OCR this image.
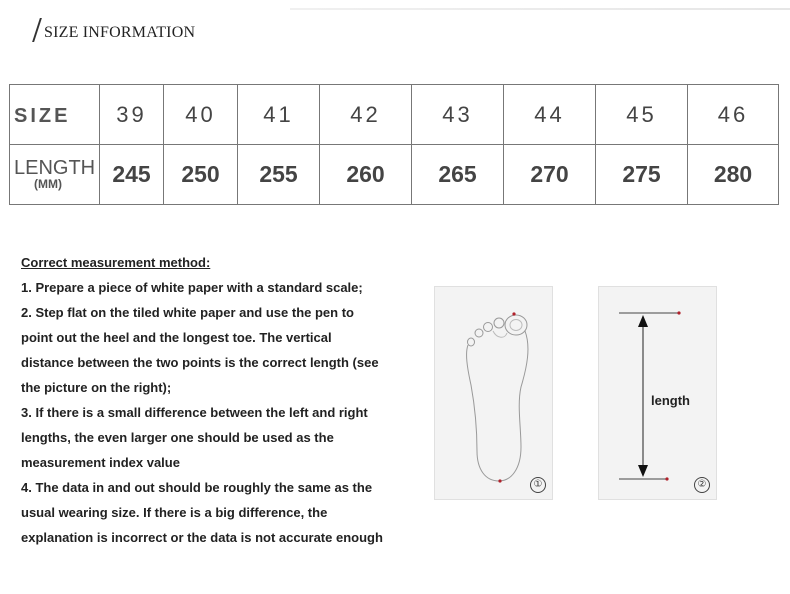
SIZE INFORMATION
SIZE	39	40	41	42	43	44	45	46

LENGTH
(MM)	245	250	255	260	265	270	275	280

Correct measurement method:

1. Prepare a piece of white paper with a standard scale;

2. Step flat on the tiled white paper and use the pen to

point out the heel and the longest toe. The vertical

distance between the two points is the correct length (see

the picture on the right);

3. If there is a small difference between the left and right

lengths, the even larger one should be used as the

measurement index value

4. The data in and out should be roughly the same as the

usual wearing size. If there is a big difference, the

explanation is incorrect or the data is not accurate enough

①
length
②
